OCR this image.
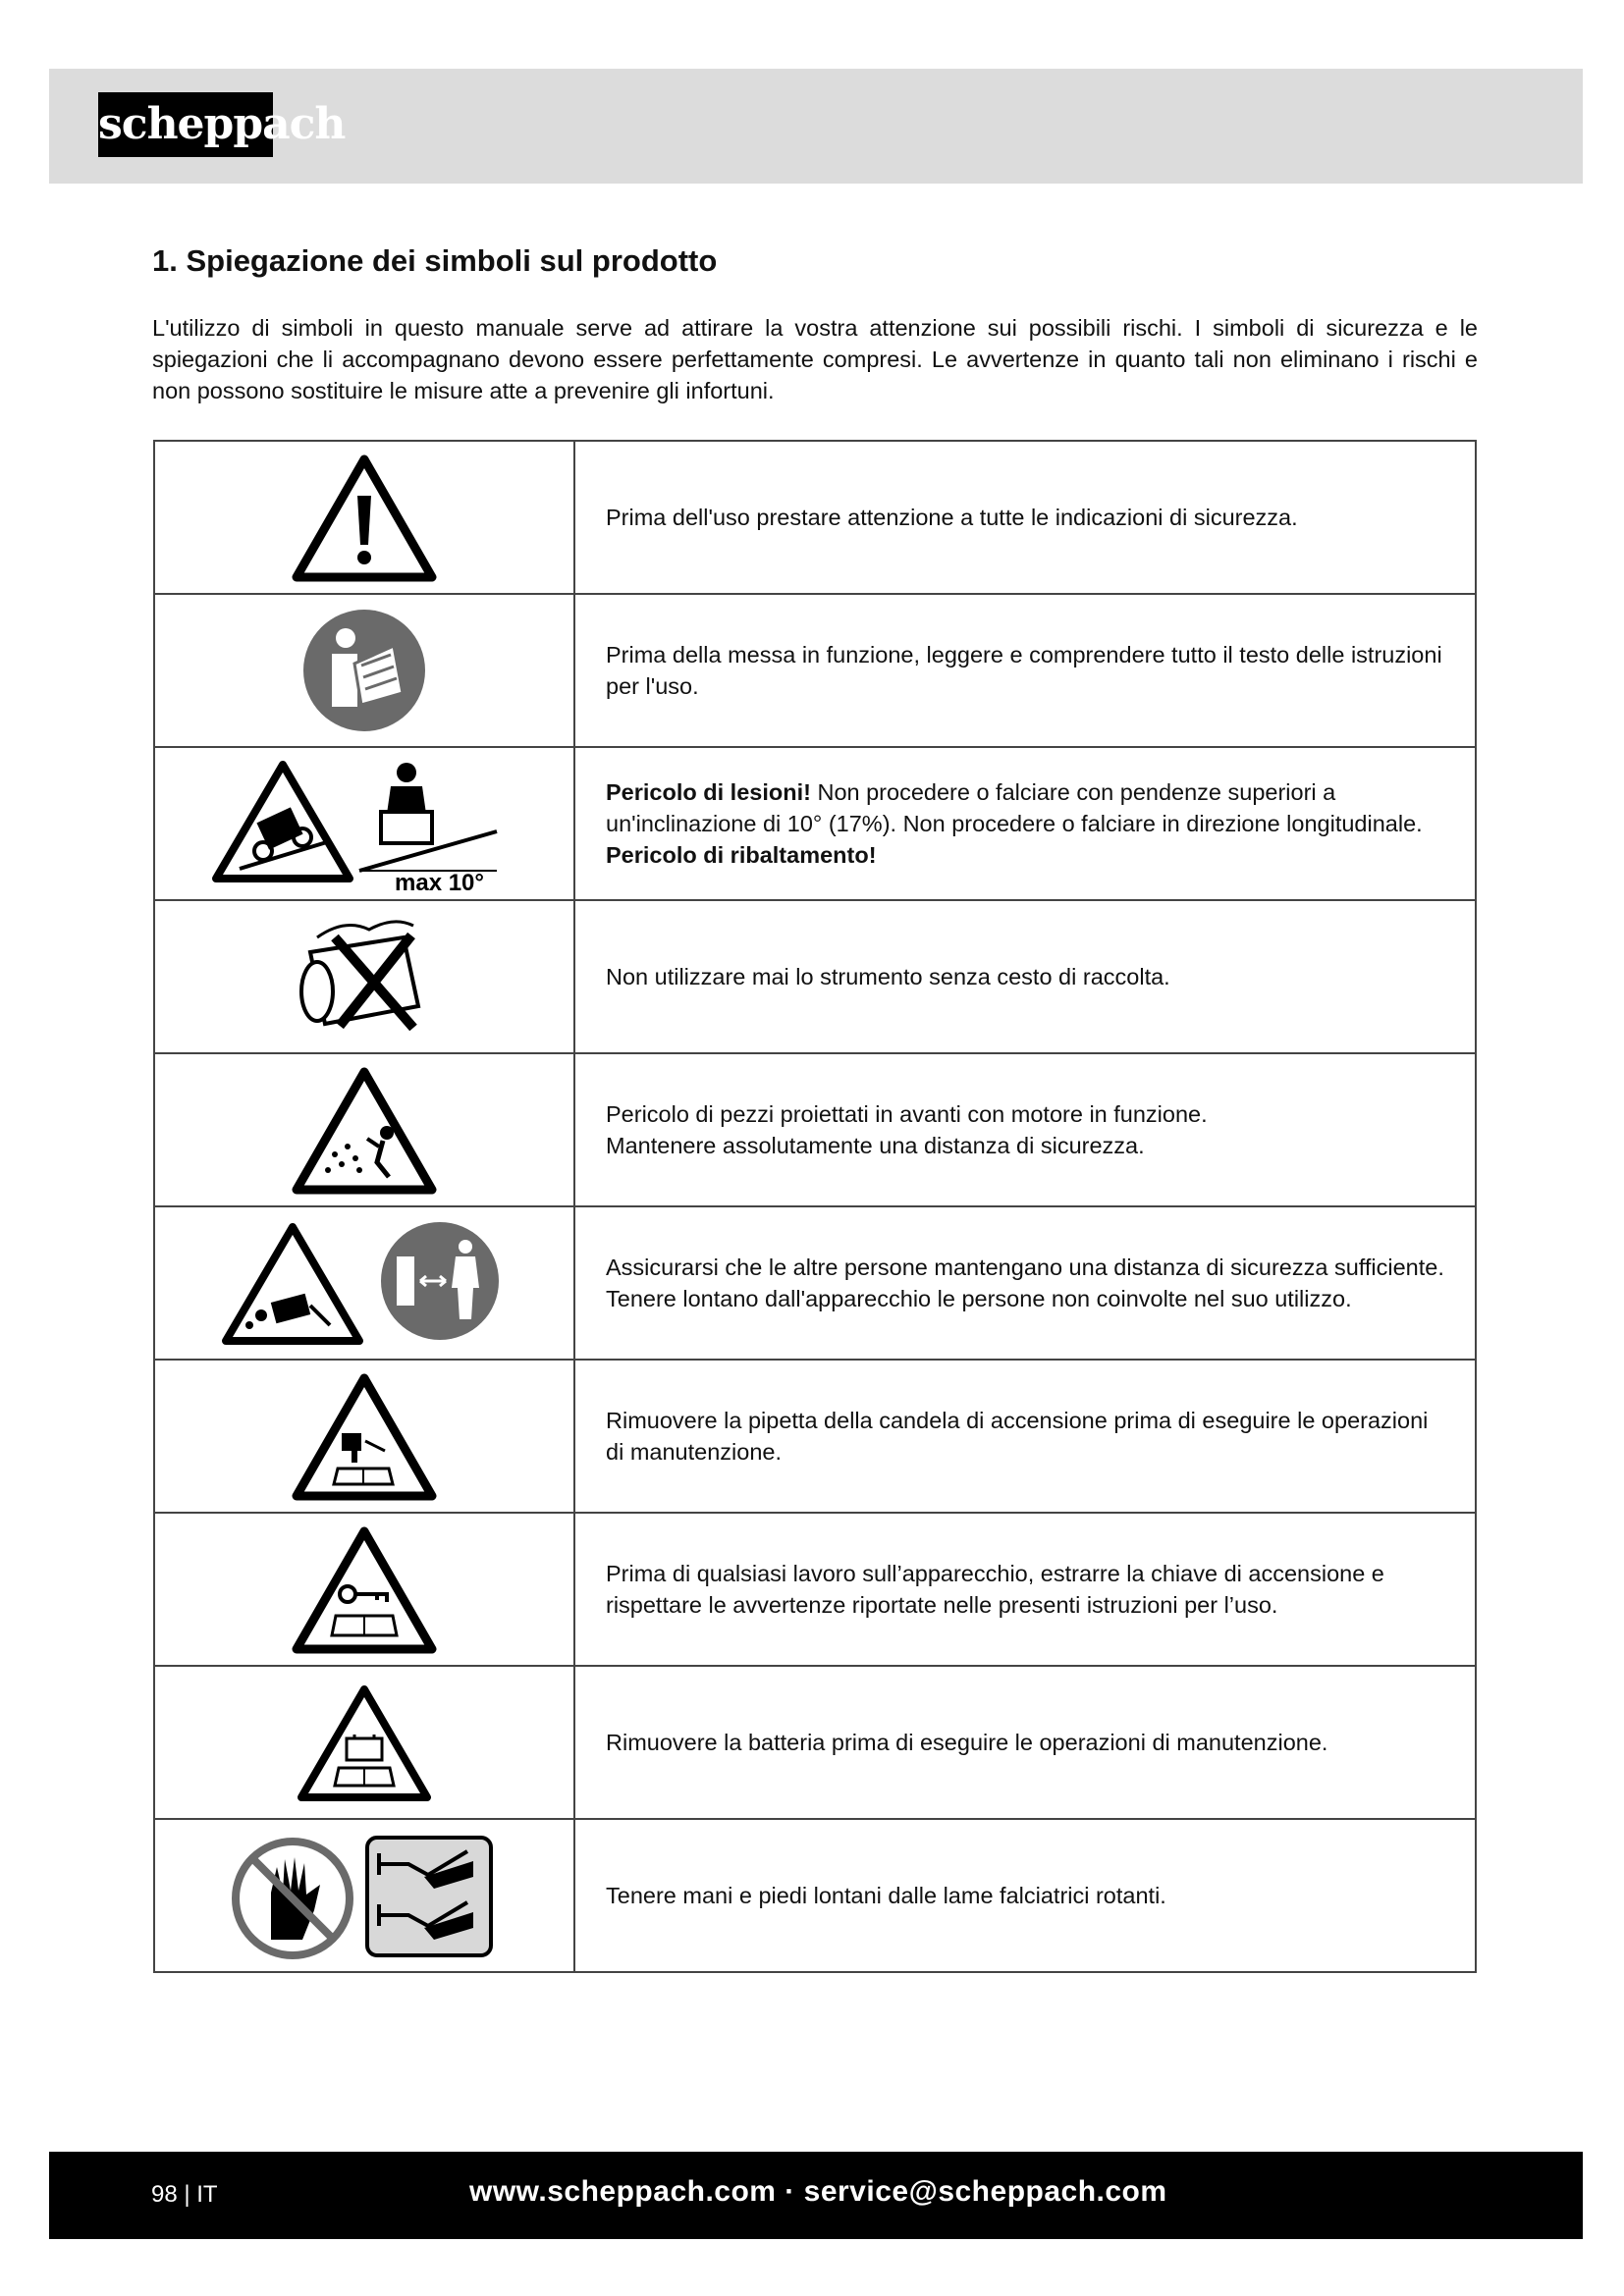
scheppach
1. Spiegazione dei simboli sul prodotto

L'utilizzo di simboli in questo manuale serve ad attirare la vostra attenzione sui possibili rischi. I simboli di sicurezza e le spiegazioni che li accompagnano devono essere perfettamente compresi. Le avvertenze in quanto tali non eliminano i rischi e non possono sostituire le misure atte a prevenire gli infortuni.

	Prima dell'uso prestare attenzione a tutte le indicazioni di sicurezza.
	Prima della messa in funzione, leggere e comprendere tutto il testo delle istruzioni per l'uso.

max 10°	Pericolo di lesioni! Non procedere o falciare con pendenze superiori a un'inclinazione di 10° (17%). Non procedere o falciare in direzione longitudinale. Pericolo di ribaltamento!
	Non utilizzare mai lo strumento senza cesto di raccolta.
	Pericolo di pezzi proiettati in avanti con motore in funzione.
Mantenere assolutamente una distanza di sicurezza.
	Assicurarsi che le altre persone mantengano una distanza di sicurezza sufficiente. Tenere lontano dall'apparecchio le persone non coinvolte nel suo utilizzo.
	Rimuovere la pipetta della candela di accensione prima di eseguire le operazioni di manutenzione.
	Prima di qualsiasi lavoro sull’apparecchio, estrarre la chiave di accensione e rispettare le avvertenze riportate nelle presenti istruzioni per l’uso.
	Rimuovere la batteria prima di eseguire le operazioni di manutenzione.
	Tenere mani e piedi lontani dalle lame falciatrici rotanti.
98 | IT	www.scheppach.com · service@scheppach.com
